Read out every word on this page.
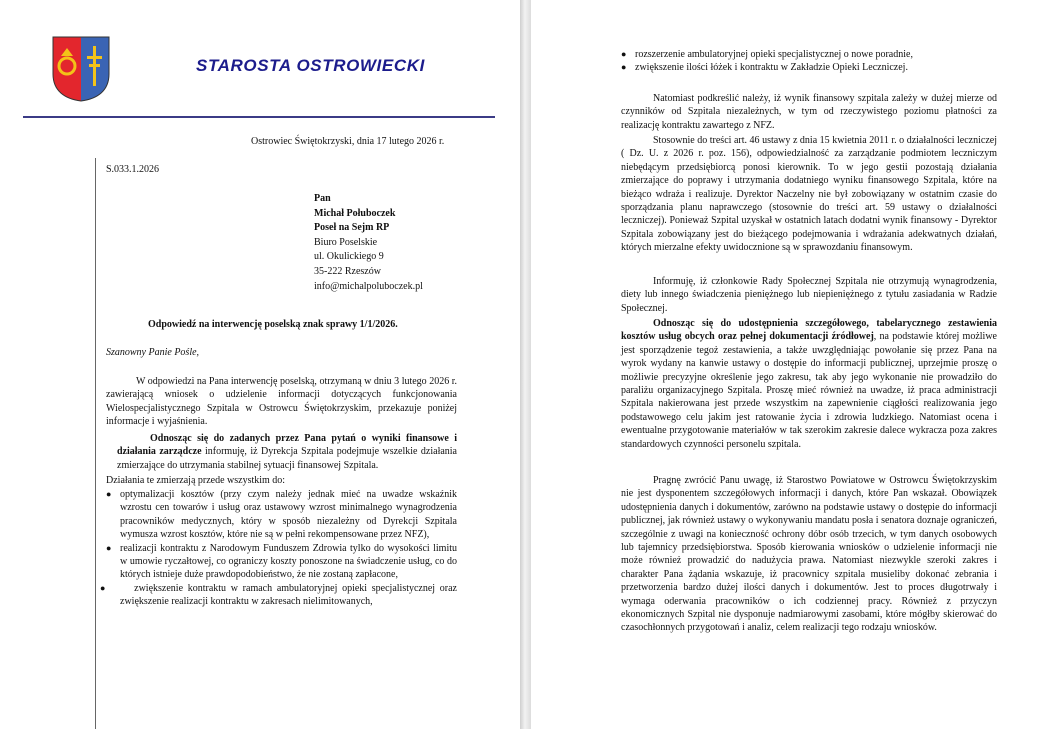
STAROSTA OSTROWIECKI
Ostrowiec Świętokrzyski, dnia 17 lutego 2026 r.
S.033.1.2026
Pan
Michał Połuboczek
Poseł na Sejm RP
Biuro Poselskie
ul. Okulickiego 9
35-222 Rzeszów
info@michalpoluboczek.pl
Odpowiedź na interwencję poselską znak sprawy 1/1/2026.
Szanowny Panie Pośle,
W odpowiedzi na Pana interwencję poselską, otrzymaną w dniu 3 lutego 2026 r. zawierającą wniosek o udzielenie informacji dotyczących funkcjonowania Wielospecjalistycznego Szpitala w Ostrowcu Świętokrzyskim, przekazuje poniżej informacje i wyjaśnienia.
Odnosząc się do zadanych przez Pana pytań o wyniki finansowe i działania zarządcze informuję, iż Dyrekcja Szpitala podejmuje wszelkie działania zmierzające do utrzymania stabilnej sytuacji finansowej Szpitala.
Działania te zmierzają przede wszystkim do:
● optymalizacji kosztów (przy czym należy jednak mieć na uwadze wskaźnik wzrostu cen towarów i usług oraz ustawowy wzrost minimalnego wynagrodzenia pracowników medycznych, który w sposób niezależny od Dyrekcji Szpitala wymusza wzrost kosztów, które nie są w pełni rekompensowane przez NFZ),
● realizacji kontraktu z Narodowym Funduszem Zdrowia tylko do wysokości limitu w umowie ryczałtowej, co ograniczy koszty ponoszone na świadczenie usług, co do których istnieje duże prawdopodobieństwo, że nie zostaną zapłacone,
● zwiększenie kontraktu w ramach ambulatoryjnej opieki specjalistycznej oraz zwiększenie realizacji kontraktu w zakresach nielimitowanych,
● rozszerzenie ambulatoryjnej opieki specjalistycznej o nowe poradnie,
● zwiększenie ilości łóżek i kontraktu w Zakładzie Opieki Leczniczej.
Natomiast podkreślić należy, iż wynik finansowy szpitala zależy w dużej mierze od czynników od Szpitala niezależnych, w tym od rzeczywistego poziomu płatności za realizację kontraktu zawartego z NFZ.
Stosownie do treści art. 46 ustawy z dnia 15 kwietnia 2011 r. o działalności leczniczej ( Dz. U. z 2026 r. poz. 156), odpowiedzialność za zarządzanie podmiotem leczniczym niebędącym przedsiębiorcą ponosi kierownik. To w jego gestii pozostają działania zmierzające do poprawy i utrzymania dodatniego wyniku finansowego Szpitala, które na bieżąco wdraża i realizuje. Dyrektor Naczelny nie był zobowiązany w ostatnim czasie do sporządzania planu naprawczego (stosownie do treści art. 59 ustawy o działalności leczniczej). Ponieważ Szpital uzyskał w ostatnich latach dodatni wynik finansowy - Dyrektor Szpitala zobowiązany jest do bieżącego podejmowania i wdrażania adekwatnych działań, których mierzalne efekty uwidocznione są w sprawozdaniu finansowym.
Informuję, iż członkowie Rady Społecznej Szpitala nie otrzymują wynagrodzenia, diety lub innego świadczenia pieniężnego lub niepieniężnego z tytułu zasiadania w Radzie Społecznej.
Odnosząc się do udostępnienia szczegółowego, tabelarycznego zestawienia kosztów usług obcych oraz pełnej dokumentacji źródłowej, na podstawie której możliwe jest sporządzenie tegoż zestawienia, a także uwzględniając powołanie się przez Pana na wyrok wydany na kanwie ustawy o dostępie do informacji publicznej, uprzejmie proszę o możliwie precyzyjne określenie jego zakresu, tak aby jego wykonanie nie prowadziło do paraliżu organizacyjnego Szpitala. Proszę mieć również na uwadze, iż praca administracji Szpitala nakierowana jest przede wszystkim na zapewnienie ciągłości realizowania jego podstawowego celu jakim jest ratowanie życia i zdrowia ludzkiego. Natomiast ocena i ewentualne przygotowanie materiałów w tak szerokim zakresie dalece wykracza poza zakres standardowych czynności personelu szpitala.
Pragnę zwrócić Panu uwagę, iż Starostwo Powiatowe w Ostrowcu Świętokrzyskim nie jest dysponentem szczegółowych informacji i danych, które Pan wskazał. Obowiązek udostępnienia danych i dokumentów, zarówno na podstawie ustawy o dostępie do informacji publicznej, jak również ustawy o wykonywaniu mandatu posła i senatora doznaje ograniczeń, szczególnie z uwagi na konieczność ochrony dóbr osób trzecich, w tym danych osobowych lub tajemnicy przedsiębiorstwa. Sposób kierowania wniosków o udzielenie informacji nie może również prowadzić do nadużycia prawa. Natomiast niezwykle szeroki zakres i charakter Pana żądania wskazuje, iż pracownicy szpitala musieliby dokonać zebrania i przetworzenia bardzo dużej ilości danych i dokumentów. Jest to proces długotrwały i wymaga oderwania pracowników o ich codziennej pracy. Również z przyczyn ekonomicznych Szpital nie dysponuje nadmiarowymi zasobami, które mógłby skierować do czasochłonnych przygotowań i analiz, celem realizacji tego rodzaju wniosków.
